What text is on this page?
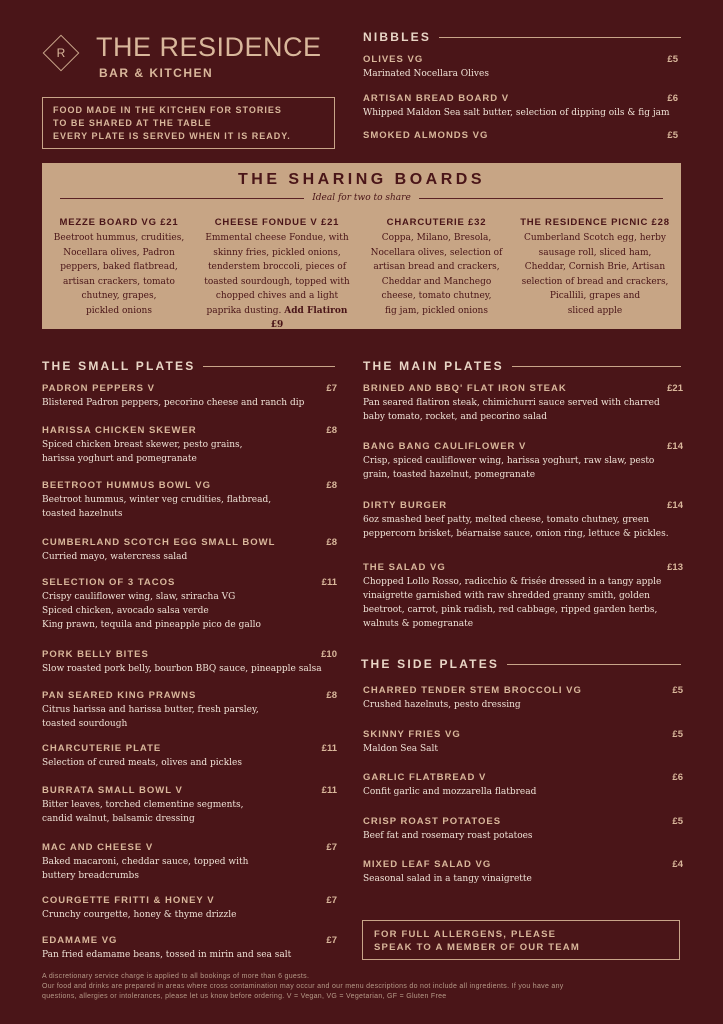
R	THE RESIDENCE
BAR & KITCHEN
FOOD MADE IN THE KITCHEN FOR STORIES
TO BE SHARED AT THE TABLE
EVERY PLATE IS SERVED WHEN IT IS READY.
NIBBLES
OLIVES VG	£5
Marinated Nocellara Olives
ARTISAN BREAD BOARD V	£6
Whipped Maldon Sea salt butter, selection of dipping oils & fig jam
SMOKED ALMONDS VG	£5
THE SHARING BOARDS
Ideal for two to share
MEZZE BOARD VG £21
Beetroot hummus, crudities,
Nocellara olives, Padron
peppers, baked flatbread,
artisan crackers, tomato
chutney, grapes,
pickled onions
CHEESE FONDUE V £21
Emmental cheese Fondue, with
skinny fries, pickled onions,
tenderstem broccoli, pieces of
toasted sourdough, topped with
chopped chives and a light
paprika dusting. Add Flatiron £9
CHARCUTERIE £32
Coppa, Milano, Bresola,
Nocellara olives, selection of
artisan bread and crackers,
Cheddar and Manchego
cheese, tomato chutney,
fig jam, pickled onions
THE RESIDENCE PICNIC £28
Cumberland Scotch egg, herby
sausage roll, sliced ham,
Cheddar, Cornish Brie, Artisan
selection of bread and crackers,
Picallili, grapes and
sliced apple
THE SMALL PLATES
PADRON PEPPERS V	£7
Blistered Padron peppers, pecorino cheese and ranch dip
HARISSA CHICKEN SKEWER	£8
Spiced chicken breast skewer, pesto grains,
harissa yoghurt and pomegranate
BEETROOT HUMMUS BOWL VG	£8
Beetroot hummus, winter veg crudities, flatbread,
toasted hazelnuts
CUMBERLAND SCOTCH EGG SMALL BOWL	£8
Curried mayo, watercress salad
SELECTION OF 3 TACOS	£11
Crispy cauliflower wing, slaw, sriracha VG
Spiced chicken, avocado salsa verde
King prawn, tequila and pineapple pico de gallo
PORK BELLY BITES	£10
Slow roasted pork belly, bourbon BBQ sauce, pineapple salsa
PAN SEARED KING PRAWNS	£8
Citrus harissa and harissa butter, fresh parsley,
toasted sourdough
CHARCUTERIE PLATE	£11
Selection of cured meats, olives and pickles
BURRATA SMALL BOWL V	£11
Bitter leaves, torched clementine segments,
candid walnut, balsamic dressing
MAC AND CHEESE V	£7
Baked macaroni, cheddar sauce, topped with
buttery breadcrumbs
COURGETTE FRITTI & HONEY V	£7
Crunchy courgette, honey & thyme drizzle
EDAMAME VG	£7
Pan fried edamame beans, tossed in mirin and sea salt
THE MAIN PLATES
BRINED AND BBQ' FLAT IRON STEAK	£21
Pan seared flatiron steak, chimichurri sauce served with charred
baby tomato, rocket, and pecorino salad
BANG BANG CAULIFLOWER V	£14
Crisp, spiced cauliflower wing, harissa yoghurt, raw slaw, pesto
grain, toasted hazelnut, pomegranate
DIRTY BURGER	£14
6oz smashed beef patty, melted cheese, tomato chutney, green
peppercorn brisket, béarnaise sauce, onion ring, lettuce & pickles.
THE SALAD VG	£13
Chopped Lollo Rosso, radicchio & frisée dressed in a tangy apple
vinaigrette garnished with raw shredded granny smith, golden
beetroot, carrot, pink radish, red cabbage, ripped garden herbs,
walnuts & pomegranate
THE SIDE PLATES
CHARRED TENDER STEM BROCCOLI VG	£5
Crushed hazelnuts, pesto dressing
SKINNY FRIES VG	£5
Maldon Sea Salt
GARLIC FLATBREAD V	£6
Confit garlic and mozzarella flatbread
CRISP ROAST POTATOES	£5
Beef fat and rosemary roast potatoes
MIXED LEAF SALAD VG	£4
Seasonal salad in a tangy vinaigrette
FOR FULL ALLERGENS, PLEASE
SPEAK TO A MEMBER OF OUR TEAM
A discretionary service charge is applied to all bookings of more than 6 guests.
Our food and drinks are prepared in areas where cross contamination may occur and our menu descriptions do not include all ingredients. If you have any
questions, allergies or intolerances, please let us know before ordering. V = Vegan, VG = Vegetarian, GF = Gluten Free
